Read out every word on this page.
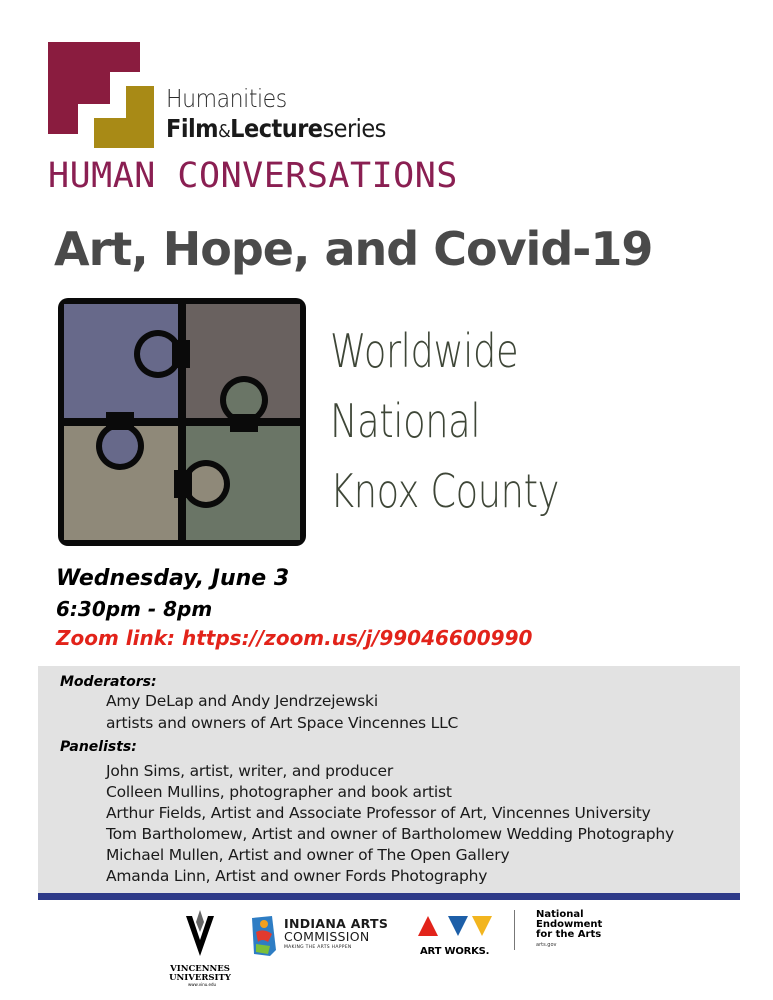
Humanities
Film&Lectureseries
HUMAN CONVERSATIONS
Art, Hope, and Covid-19
Worldwide
National
Knox County
Wednesday, June 3
6:30pm - 8pm
Zoom link: https://zoom.us/j/99046600990
Moderators:
Amy DeLap and Andy Jendrzejewski
artists and owners of Art Space Vincennes LLC
Panelists:
John Sims, artist, writer, and producer
Colleen Mullins, photographer and book artist
Arthur Fields, Artist and Associate Professor of Art, Vincennes University
Tom Bartholomew, Artist and owner of Bartholomew Wedding Photography
Michael Mullen, Artist and owner of The Open Gallery
Amanda Linn, Artist and owner Fords Photography
VINCENNES
UNIVERSITY
www.vinu.edu
INDIANA ARTS
COMMISSION
MAKING THE ARTS HAPPEN	ART WORKS.
National
Endowment
for the Arts
arts.gov
